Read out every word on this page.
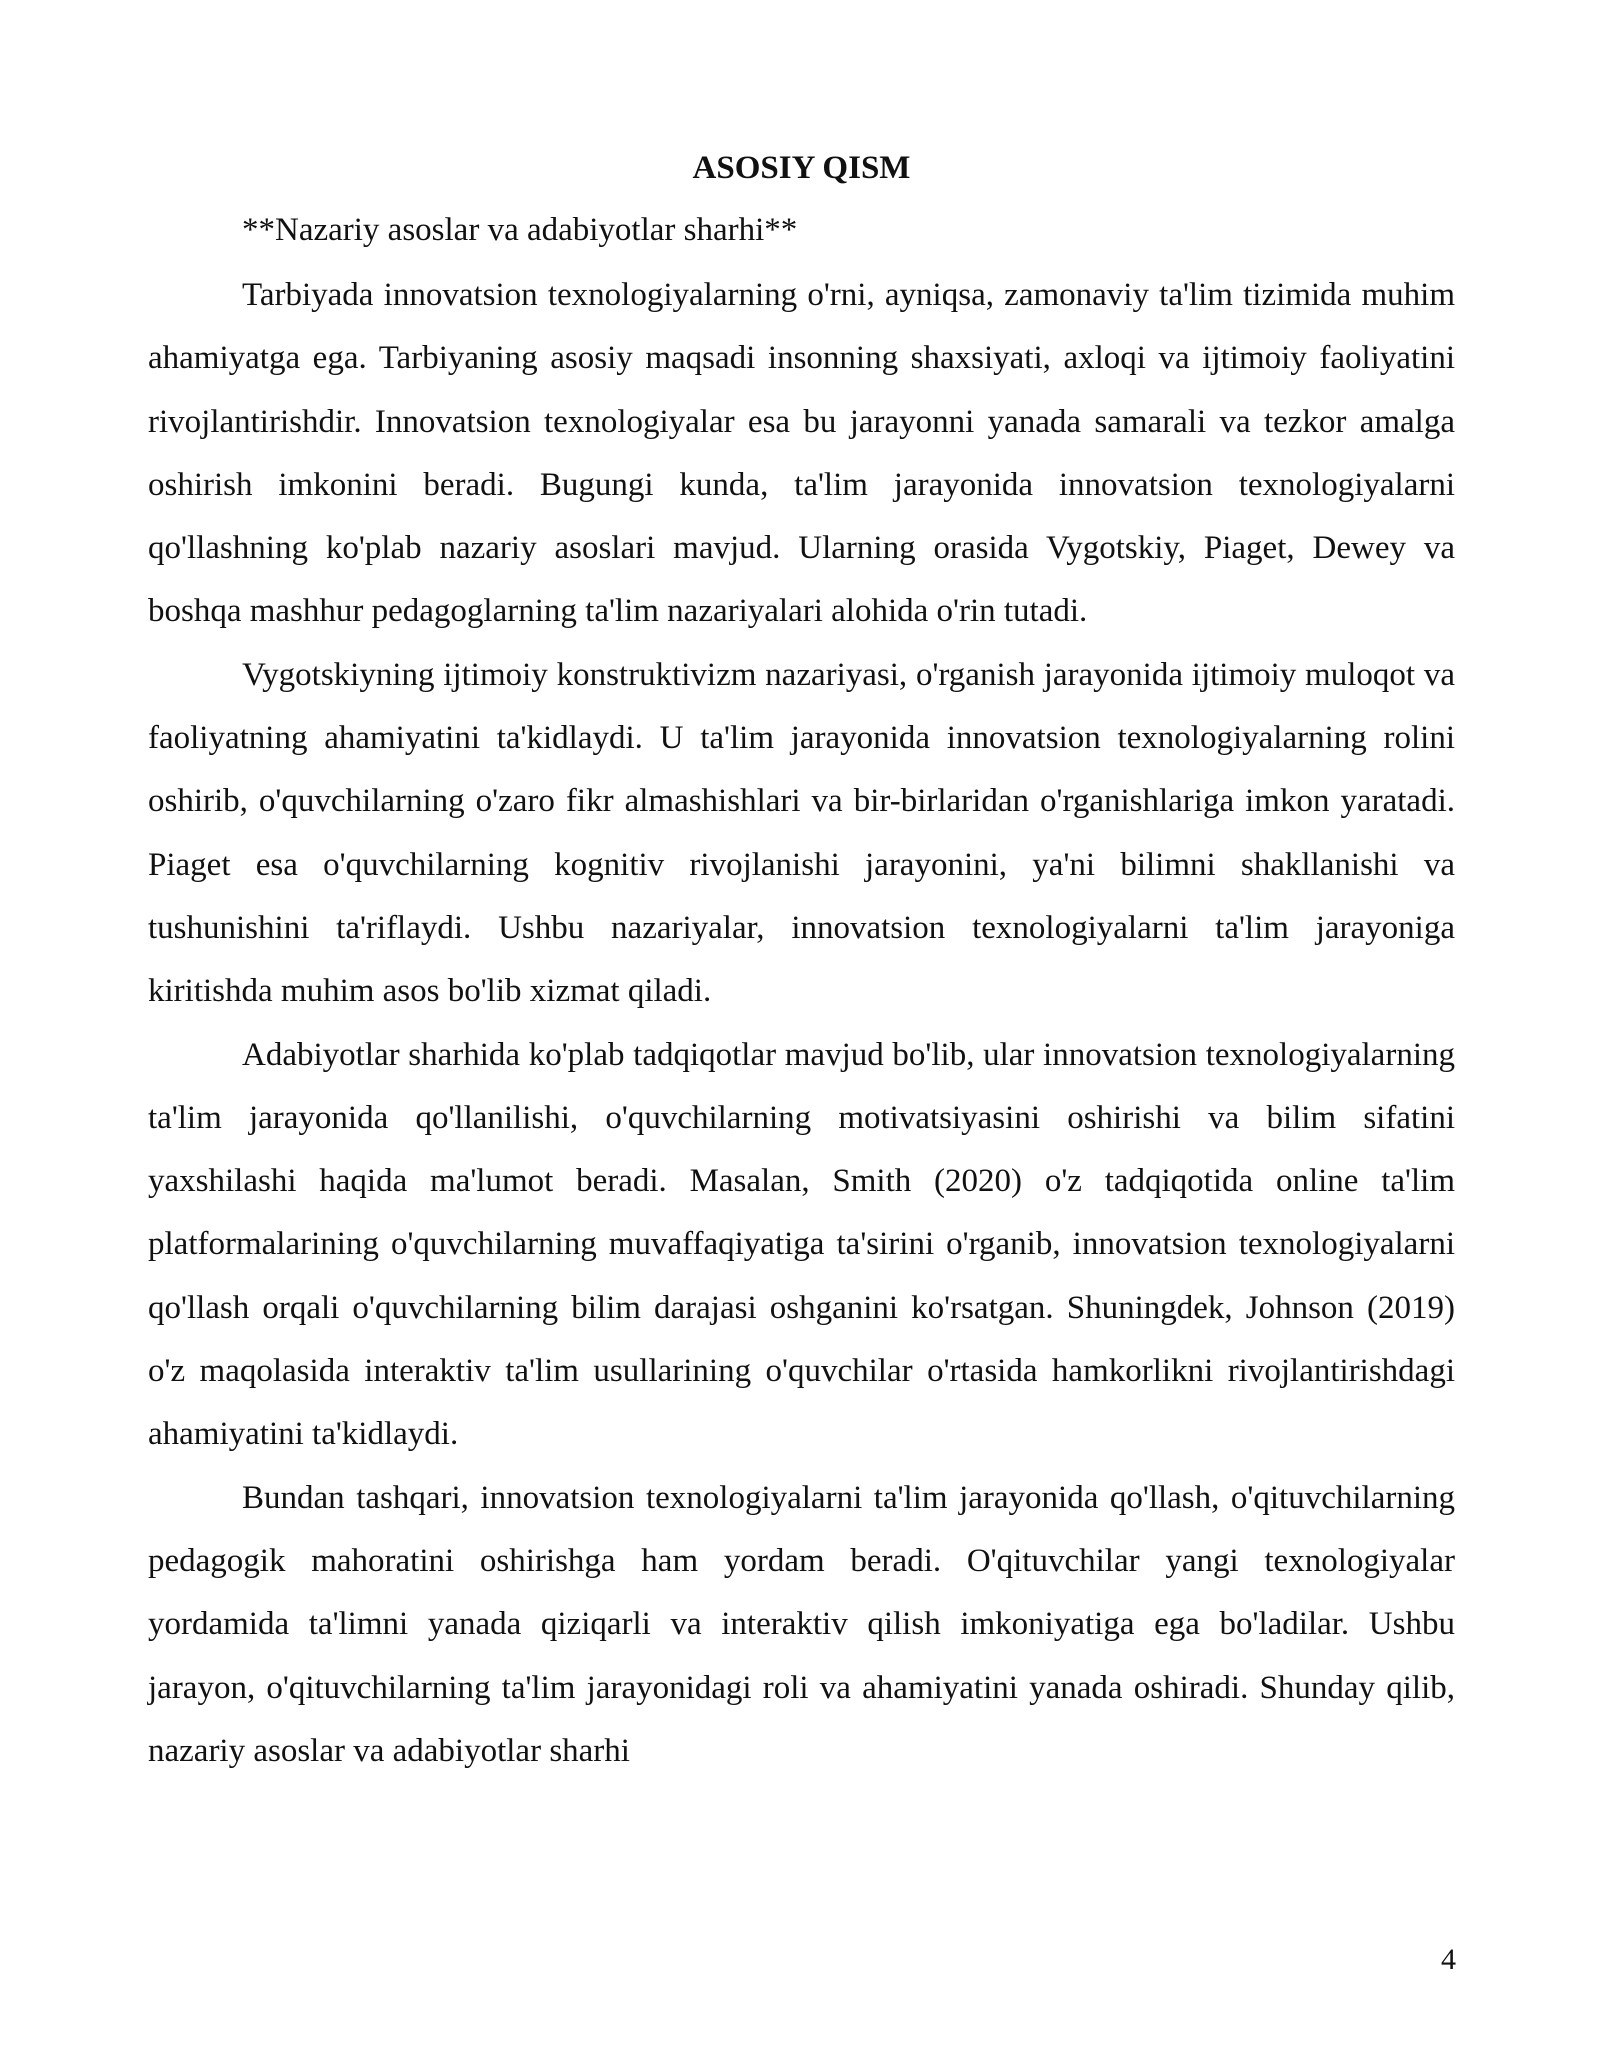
ASOSIY QISM

**Nazariy asoslar va adabiyotlar sharhi**

Tarbiyada innovatsion texnologiyalarning o'rni, ayniqsa, zamonaviy ta'lim tizimida muhim ahamiyatga ega. Tarbiyaning asosiy maqsadi insonning shaxsiyati, axloqi va ijtimoiy faoliyatini rivojlantirishdir. Innovatsion texnologiyalar esa bu jarayonni yanada samarali va tezkor amalga oshirish imkonini beradi. Bugungi kunda, ta'lim jarayonida innovatsion texnologiyalarni qo'llashning ko'plab nazariy asoslari mavjud. Ularning orasida Vygotskiy, Piaget, Dewey va boshqa mashhur pedagoglarning ta'lim nazariyalari alohida o'rin tutadi.

Vygotskiyning ijtimoiy konstruktivizm nazariyasi, o'rganish jarayonida ijtimoiy muloqot va faoliyatning ahamiyatini ta'kidlaydi. U ta'lim jarayonida innovatsion texnologiyalarning rolini oshirib, o'quvchilarning o'zaro fikr almashishlari va bir-birlaridan o'rganishlariga imkon yaratadi. Piaget esa o'quvchilarning kognitiv rivojlanishi jarayonini, ya'ni bilimni shakllanishi va tushunishini ta'riflaydi. Ushbu nazariyalar, innovatsion texnologiyalarni ta'lim jarayoniga kiritishda muhim asos bo'lib xizmat qiladi.

Adabiyotlar sharhida ko'plab tadqiqotlar mavjud bo'lib, ular innovatsion texnologiyalarning ta'lim jarayonida qo'llanilishi, o'quvchilarning motivatsiyasini oshirishi va bilim sifatini yaxshilashi haqida ma'lumot beradi. Masalan, Smith (2020) o'z tadqiqotida online ta'lim platformalarining o'quvchilarning muvaffaqiyatiga ta'sirini o'rganib, innovatsion texnologiyalarni qo'llash orqali o'quvchilarning bilim darajasi oshganini ko'rsatgan. Shuningdek, Johnson (2019) o'z maqolasida interaktiv ta'lim usullarining o'quvchilar o'rtasida hamkorlikni rivojlantirishdagi ahamiyatini ta'kidlaydi.

Bundan tashqari, innovatsion texnologiyalarni ta'lim jarayonida qo'llash, o'qituvchilarning pedagogik mahoratini oshirishga ham yordam beradi. O'qituvchilar yangi texnologiyalar yordamida ta'limni yanada qiziqarli va interaktiv qilish imkoniyatiga ega bo'ladilar. Ushbu jarayon, o'qituvchilarning ta'lim jarayonidagi roli va ahamiyatini yanada oshiradi. Shunday qilib, nazariy asoslar va adabiyotlar sharhi

4
